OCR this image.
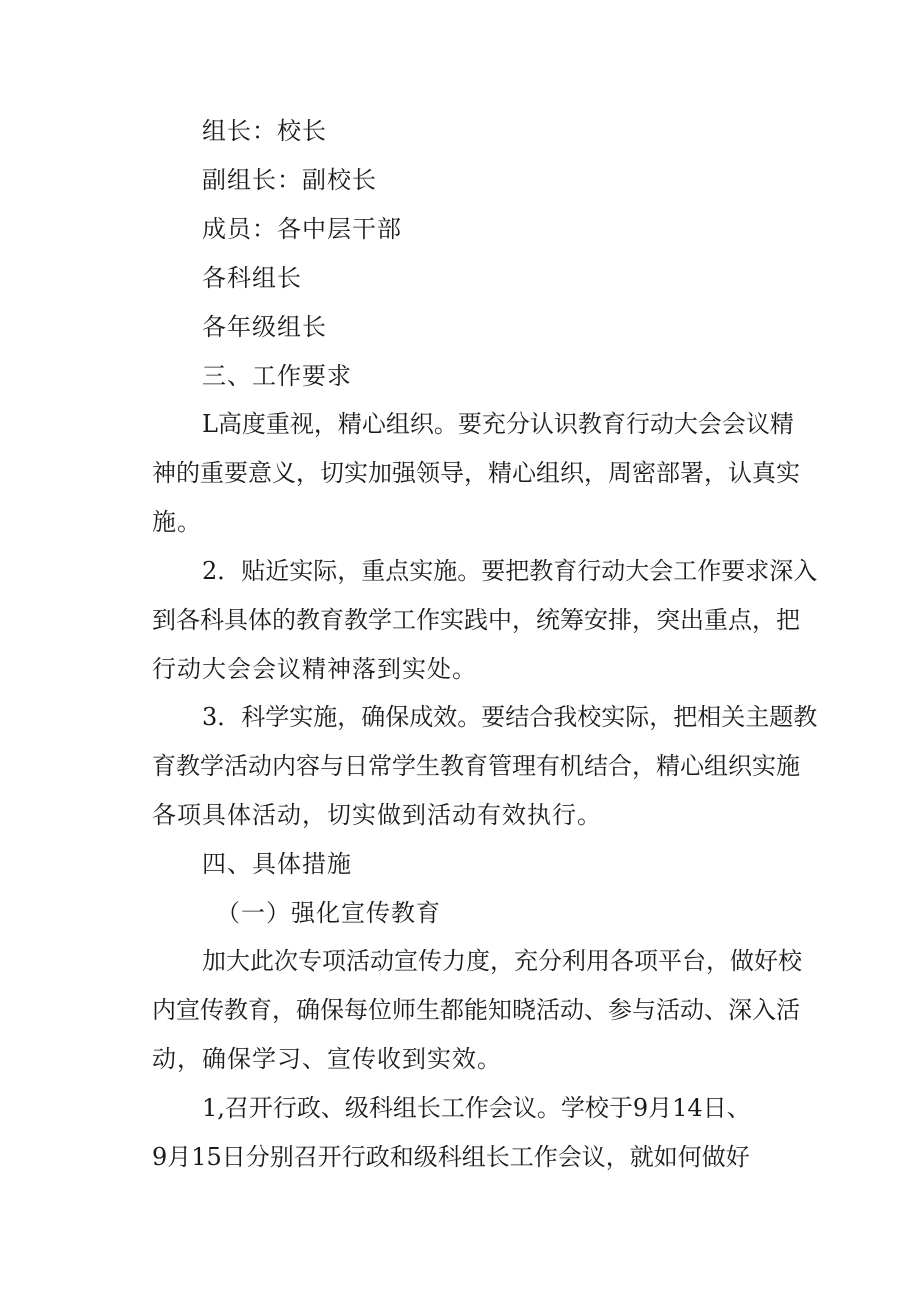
组长：校长
副组长：副校长
成员：各中层干部
各科组长
各年级组长
三、工作要求
L高度重视，精心组织。要充分认识教育行动大会会议精
神的重要意义，切实加强领导，精心组织，周密部署，认真实
施。
2．贴近实际，重点实施。要把教育行动大会工作要求深入
到各科具体的教育教学工作实践中，统筹安排，突出重点，把
行动大会会议精神落到实处。
3．科学实施，确保成效。要结合我校实际，把相关主题教
育教学活动内容与日常学生教育管理有机结合，精心组织实施
各项具体活动，切实做到活动有效执行。
四、具体措施
（一）强化宣传教育
加大此次专项活动宣传力度，充分利用各项平台，做好校
内宣传教育，确保每位师生都能知晓活动、参与活动、深入活
动，确保学习、宣传收到实效。
1,召开行政、级科组长工作会议。学校于9月14日、
9月15日分别召开行政和级科组长工作会议，就如何做好
